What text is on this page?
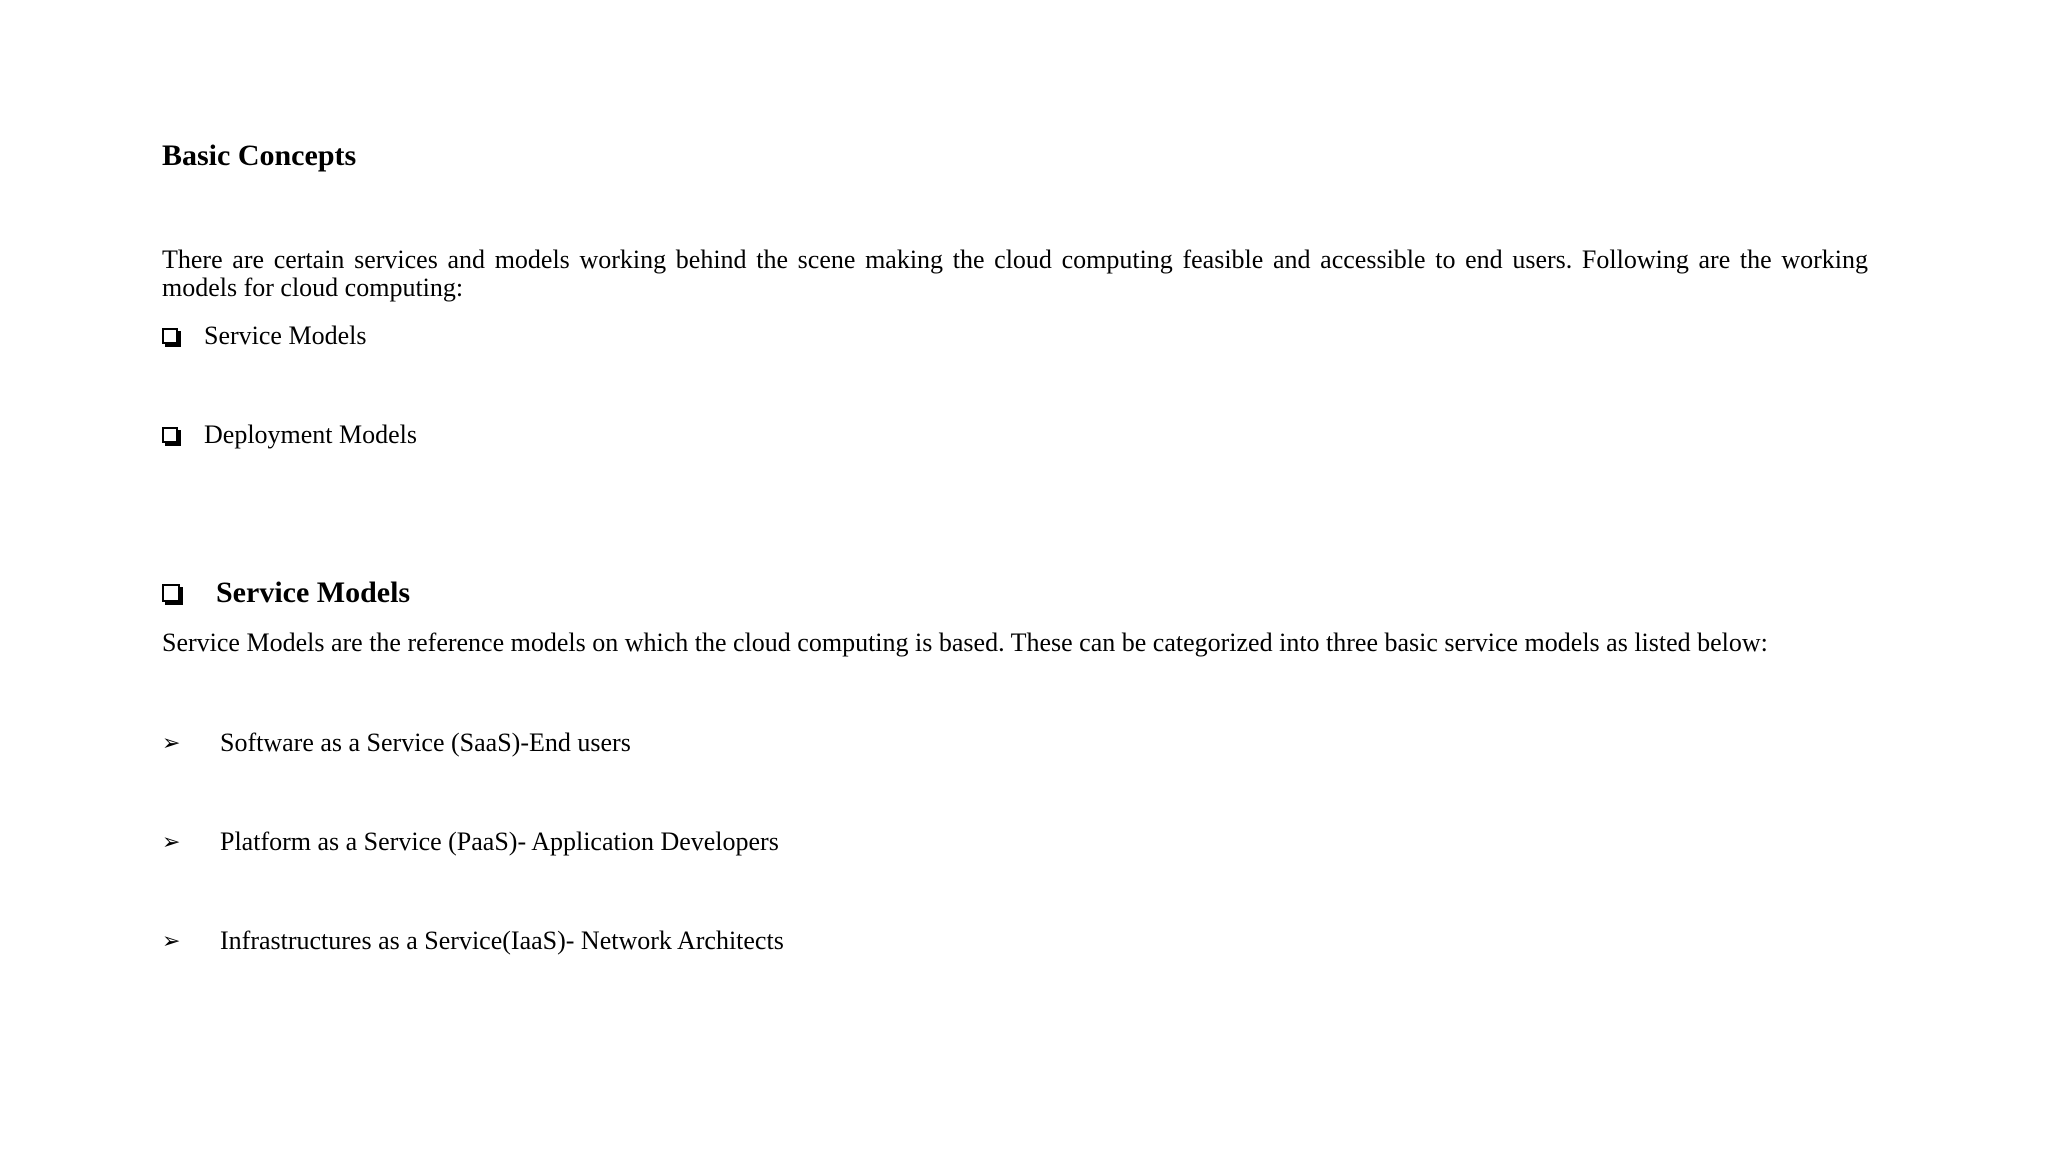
Basic Concepts

There are certain services and models working behind the scene making the cloud computing feasible and accessible to end users. Following are the working models for cloud computing:

Service Models
Deployment Models
Service Models

Service Models are the reference models on which the cloud computing is based. These can be categorized into three basic service models as listed below:

➢	Software as a Service (SaaS)-End users
➢	Platform as a Service (PaaS)- Application Developers
➢	Infrastructures as a Service(IaaS)- Network Architects
